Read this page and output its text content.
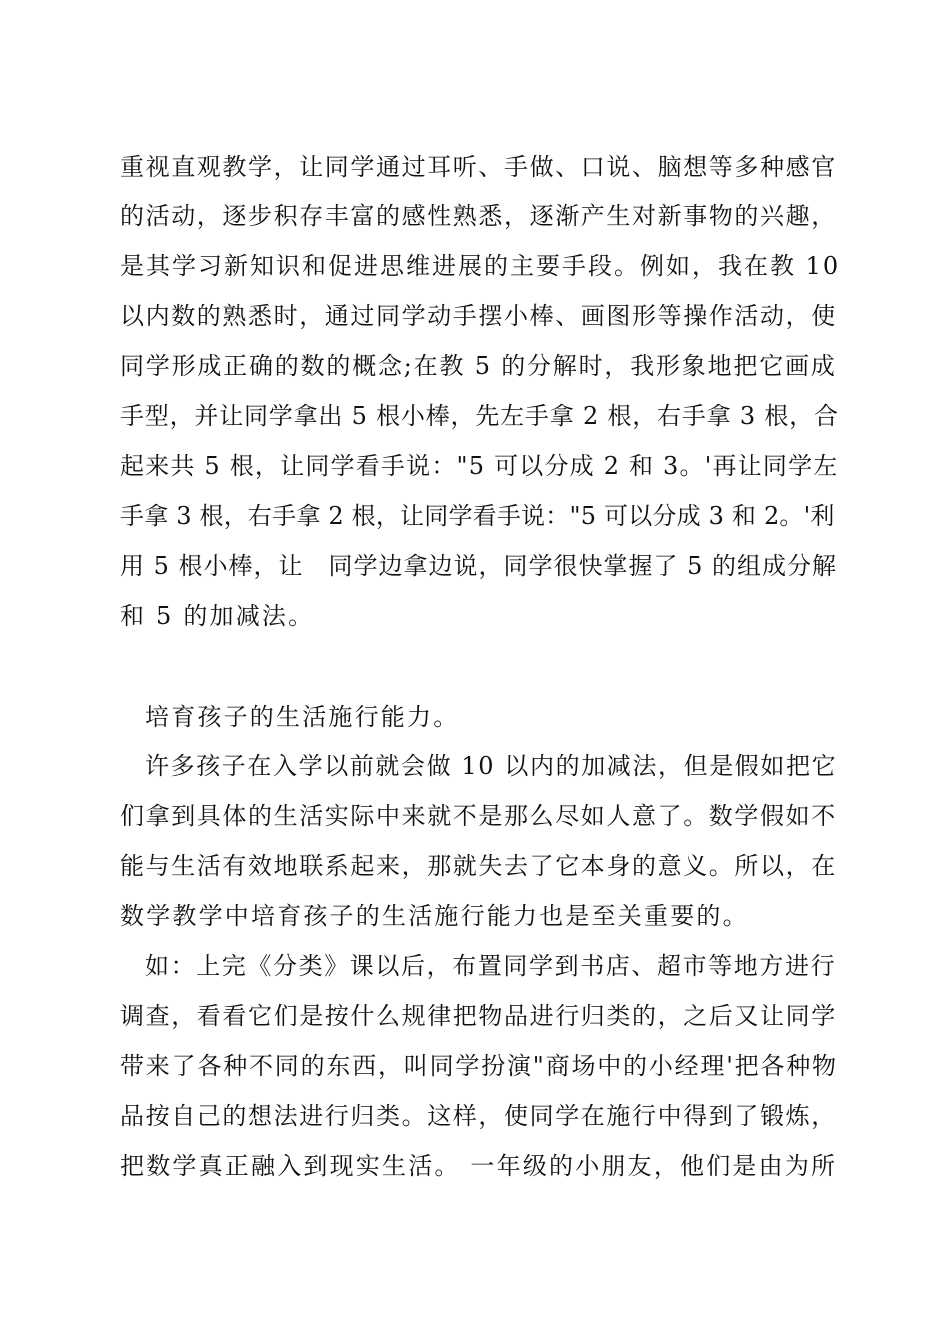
重视直观教学，让同学通过耳听、手做、口说、脑想等多种感官
的活动，逐步积存丰富的感性熟悉，逐渐产生对新事物的兴趣，
是其学习新知识和促进思维进展的主要手段。例如，我在教 10
以内数的熟悉时，通过同学动手摆小棒、画图形等操作活动，使
同学形成正确的数的概念;在教 5 的分解时，我形象地把它画成
手型，并让同学拿出 5 根小棒，先左手拿 2 根，右手拿 3 根，合
起来共 5 根，让同学看手说："5 可以分成 2 和 3。'再让同学左
手拿 3 根，右手拿 2 根，让同学看手说："5 可以分成 3 和 2。'利
用 5 根小棒，让　同学边拿边说，同学很快掌握了 5 的组成分解
和 5 的加减法。
培育孩子的生活施行能力。
许多孩子在入学以前就会做 10 以内的加减法，但是假如把它
们拿到具体的生活实际中来就不是那么尽如人意了。数学假如不
能与生活有效地联系起来，那就失去了它本身的意义。所以，在
数学教学中培育孩子的生活施行能力也是至关重要的。
如：上完《分类》课以后，布置同学到书店、超市等地方进行
调查，看看它们是按什么规律把物品进行归类的，之后又让同学
带来了各种不同的东西，叫同学扮演"商场中的小经理'把各种物
品按自己的想法进行归类。这样，使同学在施行中得到了锻炼，
把数学真正融入到现实生活。 一年级的小朋友，他们是由为所
